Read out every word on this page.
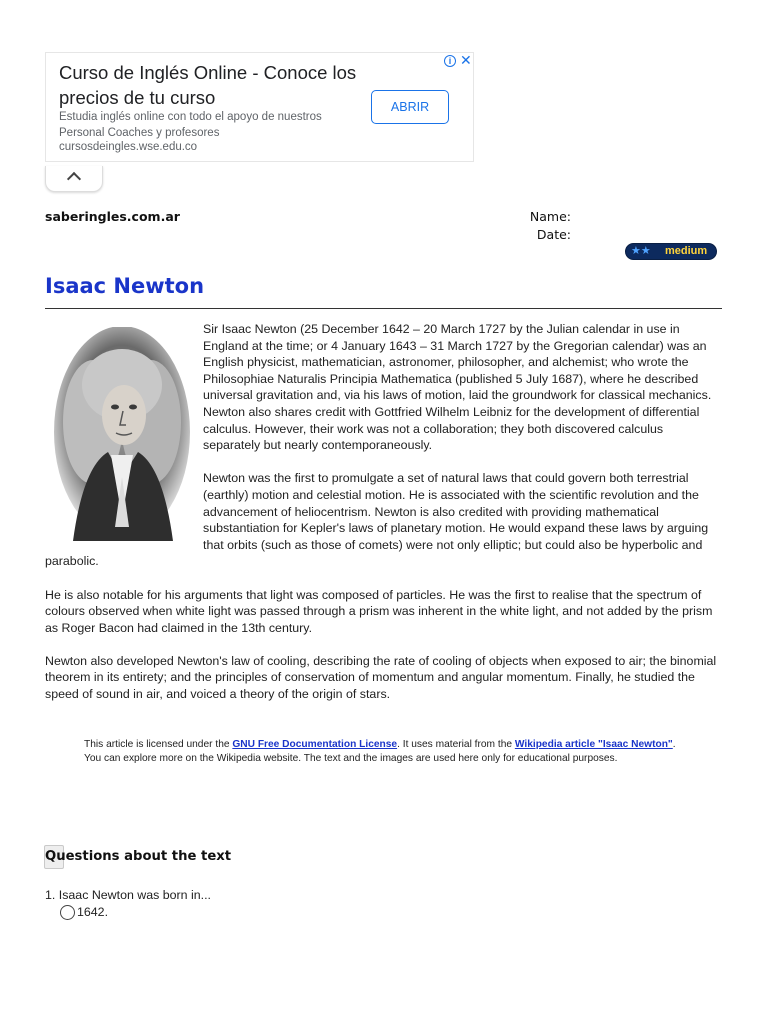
Curso de Inglés Online - Conoce los precios de tu curso
Estudia inglés online con todo el apoyo de nuestros Personal Coaches y profesores
cursosdeingles.wse.edu.co
ABRIR
i ✕
saberingles.com.ar	Name:
Date:
★★ medium
Isaac Newton

Sir Isaac Newton (25 December 1642 – 20 March 1727 by the Julian calendar in use in England at the time; or 4 January 1643 – 31 March 1727 by the Gregorian calendar) was an English physicist, mathematician, astronomer, philosopher, and alchemist; who wrote the Philosophiae Naturalis Principia Mathematica (published 5 July 1687), where he described universal gravitation and, via his laws of motion, laid the groundwork for classical mechanics. Newton also shares credit with Gottfried Wilhelm Leibniz for the development of differential calculus. However, their work was not a collaboration; they both discovered calculus separately but nearly contemporaneously.

Newton was the first to promulgate a set of natural laws that could govern both terrestrial (earthly) motion and celestial motion. He is associated with the scientific revolution and the advancement of heliocentrism. Newton is also credited with providing mathematical substantiation for Kepler's laws of planetary motion. He would expand these laws by arguing that orbits (such as those of comets) were not only elliptic; but could also be hyperbolic and parabolic.

He is also notable for his arguments that light was composed of particles. He was the first to realise that the spectrum of colours observed when white light was passed through a prism was inherent in the white light, and not added by the prism as Roger Bacon had claimed in the 13th century.

Newton also developed Newton's law of cooling, describing the rate of cooling of objects when exposed to air; the binomial theorem in its entirety; and the principles of conservation of momentum and angular momentum. Finally, he studied the speed of sound in air, and voiced a theory of the origin of stars.

This article is licensed under the GNU Free Documentation License. It uses material from the Wikipedia article "Isaac Newton". You can explore more on the Wikipedia website. The text and the images are used here only for educational purposes.
Questions about the text
1. Isaac Newton was born in...
1642.
